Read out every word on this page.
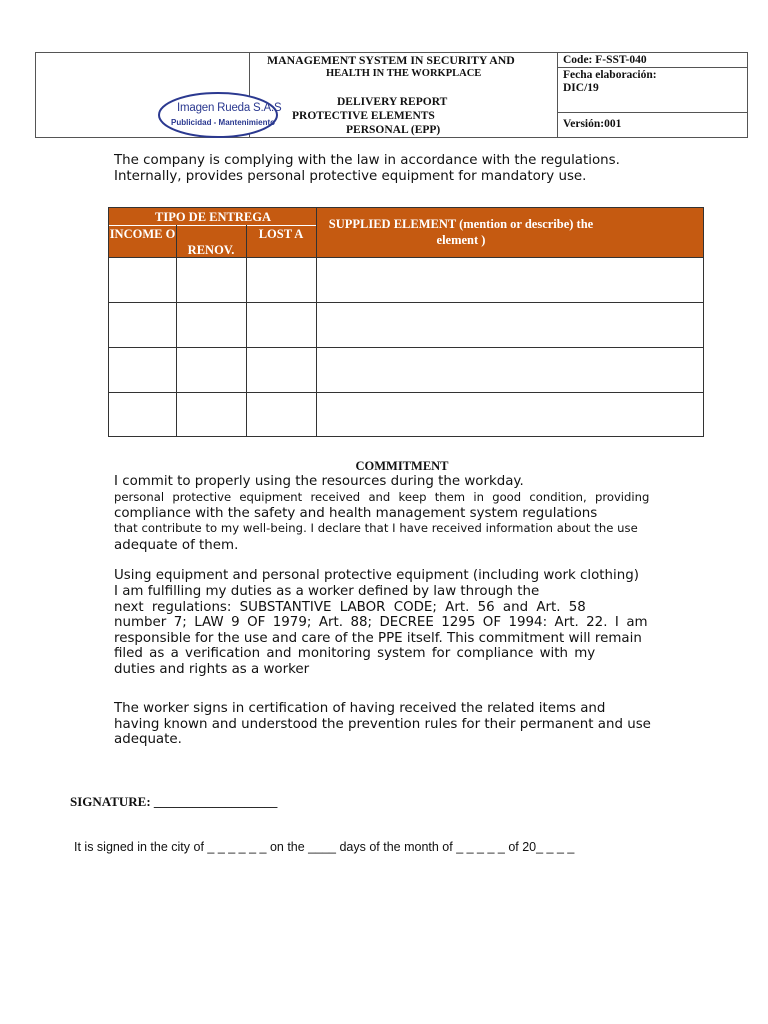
MANAGEMENT SYSTEM IN SECURITY AND
HEALTH IN THE WORKPLACE
DELIVERY REPORT
PROTECTIVE ELEMENTS
PERSONAL (EPP)
Code: F-SST-040
Fecha elaboración:
DIC/19
Versión:001
Imagen Rueda S.A.S
Publicidad - Mantenimiento
The company is complying with the law in accordance with the regulations.
Internally, provides personal protective equipment for mandatory use.
TIPO DE ENTREGA
INCOME O
RENOV.
LOST A
SUPPLIED ELEMENT (mention or describe) the element )
COMMITMENT
I commit to properly using the resources during the workday.
personal protective equipment received and keep them in good condition, providing
compliance with the safety and health management system regulations
that contribute to my well-being. I declare that I have received information about the use
adequate of them.
Using equipment and personal protective equipment (including work clothing)
I am fulfilling my duties as a worker defined by law through the
next regulations: SUBSTANTIVE LABOR CODE; Art. 56 and Art. 58
number 7; LAW 9 OF 1979; Art. 88; DECREE 1295 OF 1994: Art. 22. I am
responsible for the use and care of the PPE itself. This commitment will remain
filed as a verification and monitoring system for compliance with my
duties and rights as a worker
The worker signs in certification of having received the related items and
having known and understood the prevention rules for their permanent and use
adequate.
SIGNATURE: ___________________
It is signed in the city of _ _ _ _ _ _ on the ____ days of the month of _ _ _ _ _ of 20_ _ _ _
